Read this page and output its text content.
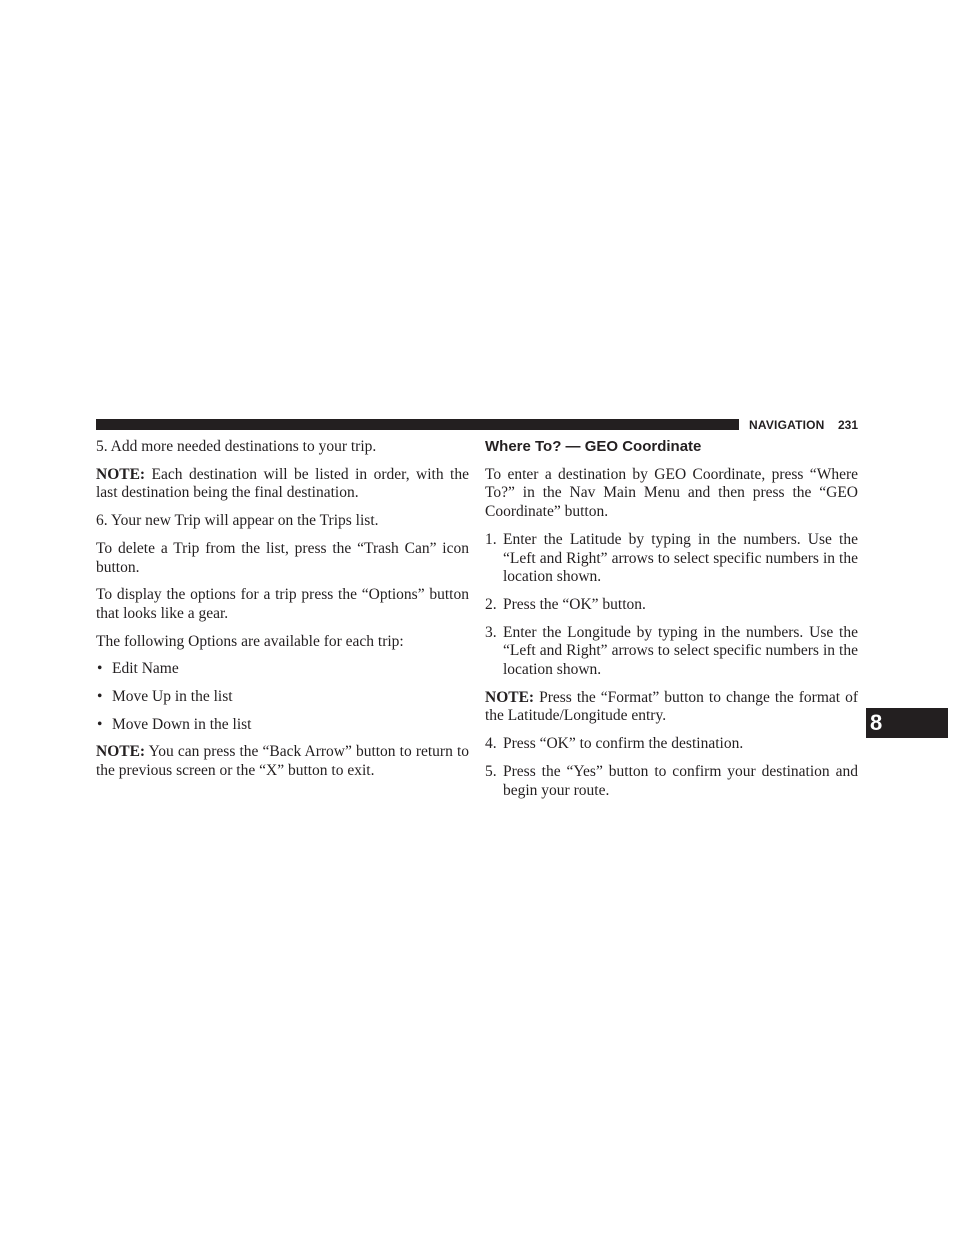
NAVIGATION 231

5. Add more needed destinations to your trip.

NOTE: Each destination will be listed in order, with the last destination being the final destination.

6. Your new Trip will appear on the Trips list.

To delete a Trip from the list, press the “Trash Can” icon button.

To display the options for a trip press the “Options” button that looks like a gear.

The following Options are available for each trip:

• Edit Name
• Move Up in the list
• Move Down in the list

NOTE: You can press the “Back Arrow” button to return to the previous screen or the “X” button to exit.

Where To? — GEO Coordinate

To enter a destination by GEO Coordinate, press “Where To?” in the Nav Main Menu and then press the “GEO Coordinate” button.

1. Enter the Latitude by typing in the numbers. Use the “Left and Right” arrows to select specific numbers in the location shown.
2. Press the “OK” button.
3. Enter the Longitude by typing in the numbers. Use the “Left and Right” arrows to select specific numbers in the location shown.

NOTE: Press the “Format” button to change the format of the Latitude/Longitude entry.

4. Press “OK” to confirm the destination.
5. Press the “Yes” button to confirm your destination and begin your route.
8
